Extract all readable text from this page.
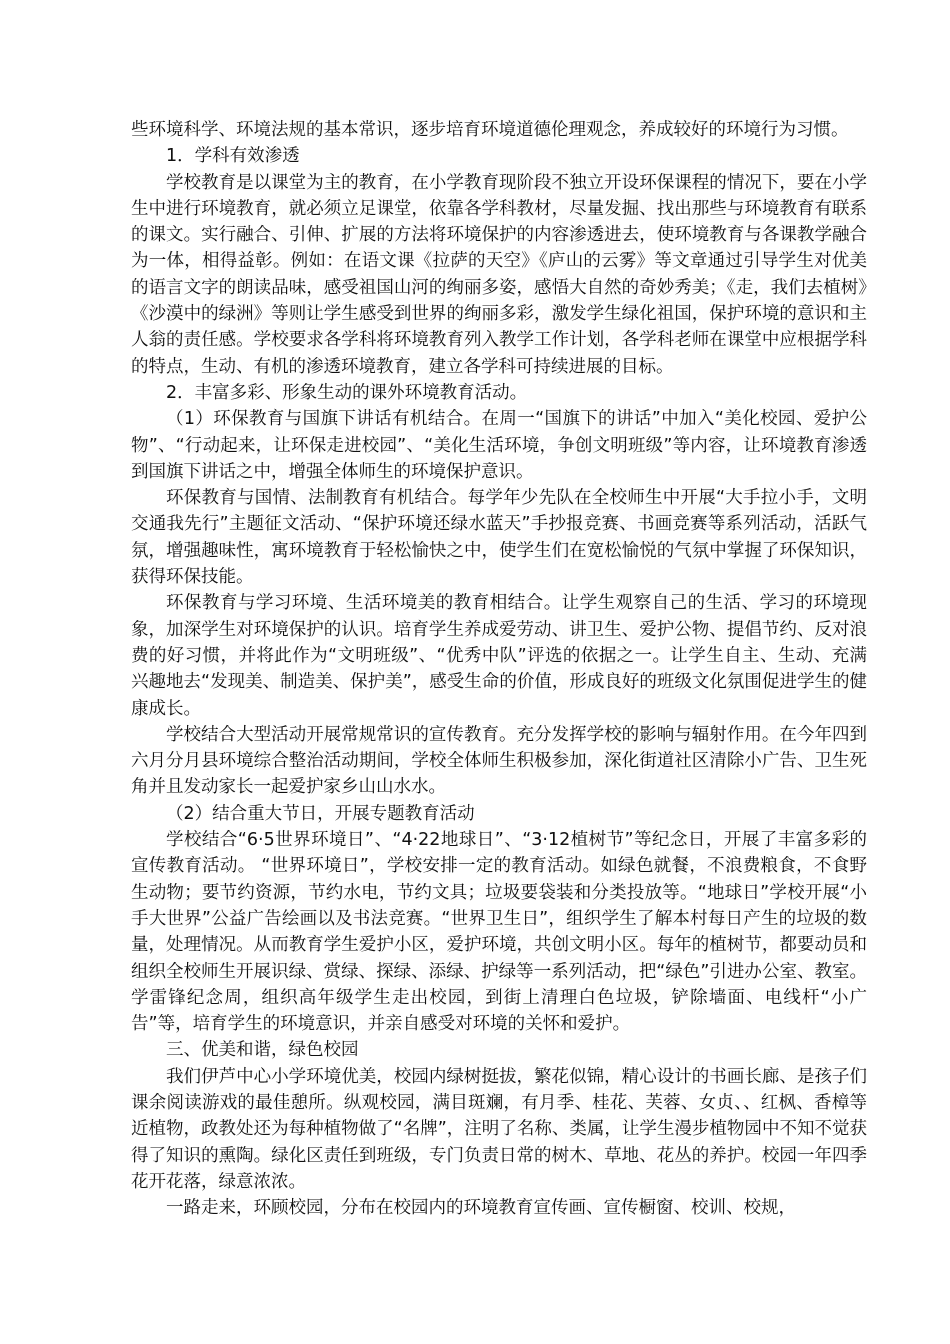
些环境科学、环境法规的基本常识，逐步培育环境道德伦理观念，养成较好的环境行为习惯。

1．学科有效渗透

学校教育是以课堂为主的教育，在小学教育现阶段不独立开设环保课程的情况下，要在小学生中进行环境教育，就必须立足课堂，依靠各学科教材，尽量发掘、找出那些与环境教育有联系的课文。实行融合、引伸、扩展的方法将环境保护的内容渗透进去，使环境教育与各课教学融合为一体，相得益彰。例如：在语文课《拉萨的天空》《庐山的云雾》等文章通过引导学生对优美的语言文字的朗读品味，感受祖国山河的绚丽多姿，感悟大自然的奇妙秀美；《走，我们去植树》《沙漠中的绿洲》等则让学生感受到世界的绚丽多彩，激发学生绿化祖国，保护环境的意识和主人翁的责任感。学校要求各学科将环境教育列入教学工作计划，各学科老师在课堂中应根据学科的特点，生动、有机的渗透环境教育，建立各学科可持续进展的目标。

2．丰富多彩、形象生动的课外环境教育活动。

（1）环保教育与国旗下讲话有机结合。在周一“国旗下的讲话”中加入“美化校园、爱护公物”、“行动起来，让环保走进校园”、“美化生活环境，争创文明班级”等内容，让环境教育渗透到国旗下讲话之中，增强全体师生的环境保护意识。

环保教育与国情、法制教育有机结合。每学年少先队在全校师生中开展“大手拉小手，文明交通我先行”主题征文活动、“保护环境还绿水蓝天”手抄报竞赛、书画竞赛等系列活动，活跃气氛，增强趣味性，寓环境教育于轻松愉快之中，使学生们在宽松愉悦的气氛中掌握了环保知识，获得环保技能。

环保教育与学习环境、生活环境美的教育相结合。让学生观察自己的生活、学习的环境现象，加深学生对环境保护的认识。培育学生养成爱劳动、讲卫生、爱护公物、提倡节约、反对浪费的好习惯，并将此作为“文明班级”、“优秀中队”评选的依据之一。让学生自主、生动、充满兴趣地去“发现美、制造美、保护美”，感受生命的价值，形成良好的班级文化氛围促进学生的健康成长。

学校结合大型活动开展常规常识的宣传教育。充分发挥学校的影响与辐射作用。在今年四到六月分月县环境综合整治活动期间，学校全体师生积极参加，深化街道社区清除小广告、卫生死角并且发动家长一起爱护家乡山山水水。

（2）结合重大节日，开展专题教育活动

学校结合“6·5世界环境日”、“4·22地球日”、“3·12植树节”等纪念日，开展了丰富多彩的宣传教育活动。 “世界环境日”，学校安排一定的教育活动。如绿色就餐，不浪费粮食，不食野生动物；要节约资源，节约水电，节约文具；垃圾要袋装和分类投放等。“地球日”学校开展“小手大世界”公益广告绘画以及书法竞赛。“世界卫生日”，组织学生了解本村每日产生的垃圾的数量，处理情况。从而教育学生爱护小区，爱护环境，共创文明小区。每年的植树节，都要动员和组织全校师生开展识绿、赏绿、探绿、添绿、护绿等一系列活动，把“绿色”引进办公室、教室。学雷锋纪念周，组织高年级学生走出校园，到街上清理白色垃圾，铲除墙面、电线杆“小广告”等，培育学生的环境意识，并亲自感受对环境的关怀和爱护。

三、优美和谐，绿色校园

我们伊芦中心小学环境优美，校园内绿树挺拔，繁花似锦，精心设计的书画长廊、是孩子们课余阅读游戏的最佳憩所。纵观校园，满目斑斓，有月季、桂花、芙蓉、女贞、、红枫、香樟等近植物，政教处还为每种植物做了“名牌”，注明了名称、类属，让学生漫步植物园中不知不觉获得了知识的熏陶。绿化区责任到班级，专门负责日常的树木、草地、花丛的养护。校园一年四季花开花落，绿意浓浓。

一路走来，环顾校园，分布在校园内的环境教育宣传画、宣传橱窗、校训、校规，
